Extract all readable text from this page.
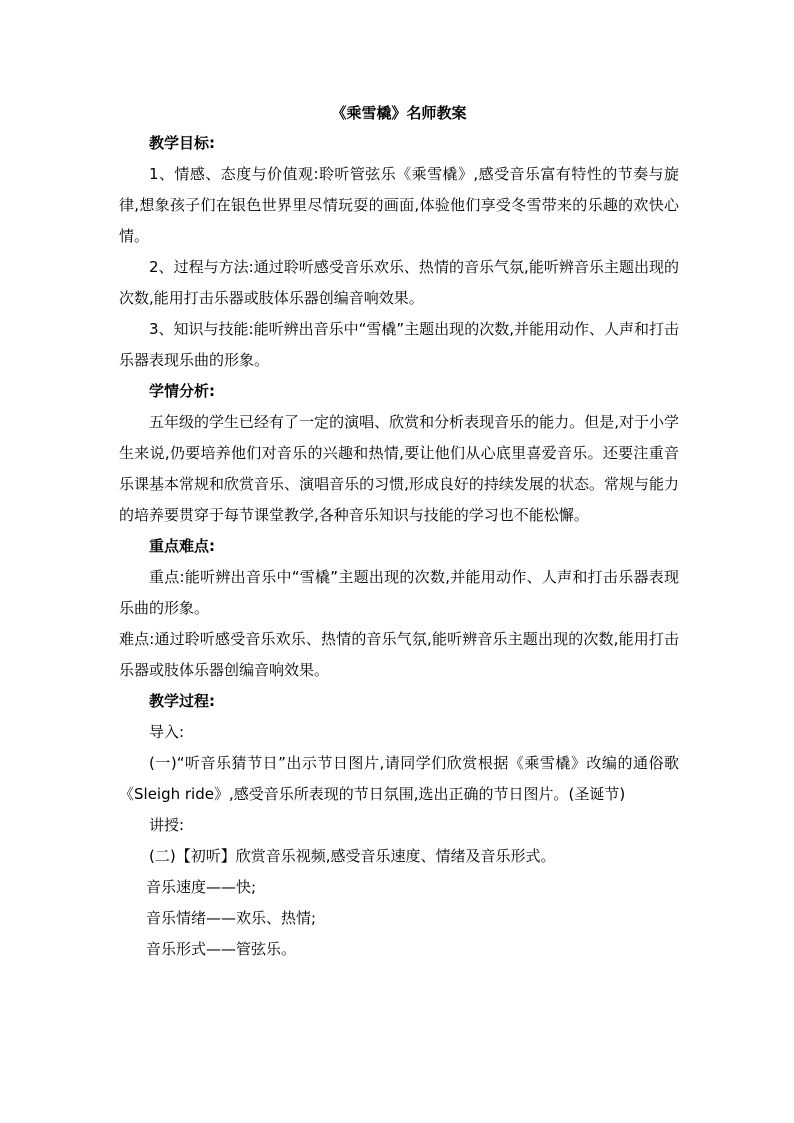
《乘雪橇》名师教案

教学目标:

1、情感、态度与价值观:聆听管弦乐《乘雪橇》,感受音乐富有特性的节奏与旋律,想象孩子们在银色世界里尽情玩耍的画面,体验他们享受冬雪带来的乐趣的欢快心情。

2、过程与方法:通过聆听感受音乐欢乐、热情的音乐气氛,能听辨音乐主题出现的次数,能用打击乐器或肢体乐器创编音响效果。

3、知识与技能:能听辨出音乐中“雪橇”主题出现的次数,并能用动作、人声和打击乐器表现乐曲的形象。

学情分析:

五年级的学生已经有了一定的演唱、欣赏和分析表现音乐的能力。但是,对于小学生来说,仍要培养他们对音乐的兴趣和热情,要让他们从心底里喜爱音乐。还要注重音乐课基本常规和欣赏音乐、演唱音乐的习惯,形成良好的持续发展的状态。常规与能力的培养要贯穿于每节课堂教学,各种音乐知识与技能的学习也不能松懈。

重点难点:

重点:能听辨出音乐中“雪橇”主题出现的次数,并能用动作、人声和打击乐器表现乐曲的形象。

难点:通过聆听感受音乐欢乐、热情的音乐气氛,能听辨音乐主题出现的次数,能用打击乐器或肢体乐器创编音响效果。

教学过程:

导入:

(一)“听音乐猜节日”出示节日图片,请同学们欣赏根据《乘雪橇》改编的通俗歌《Sleigh ride》,感受音乐所表现的节日氛围,选出正确的节日图片。(圣诞节)

讲授:

(二)【初听】欣赏音乐视频,感受音乐速度、情绪及音乐形式。

音乐速度——快;

音乐情绪——欢乐、热情;

音乐形式——管弦乐。
